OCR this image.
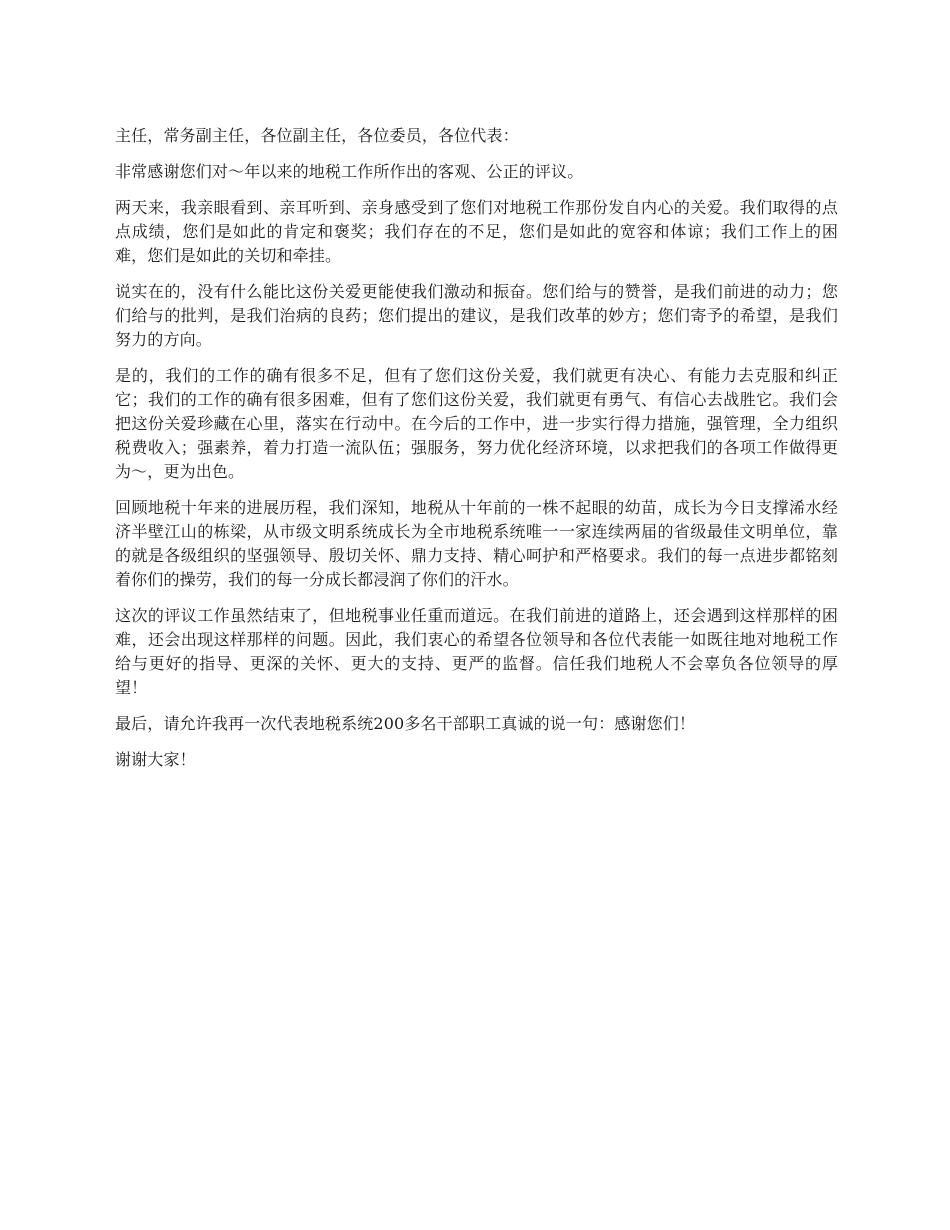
主任，常务副主任，各位副主任，各位委员，各位代表：

非常感谢您们对～年以来的地税工作所作出的客观、公正的评议。

两天来，我亲眼看到、亲耳听到、亲身感受到了您们对地税工作那份发自内心的关爱。我们取得的点点成绩，您们是如此的肯定和褒奖；我们存在的不足，您们是如此的宽容和体谅；我们工作上的困难，您们是如此的关切和牵挂。

说实在的，没有什么能比这份关爱更能使我们激动和振奋。您们给与的赞誉，是我们前进的动力；您们给与的批判，是我们治病的良药；您们提出的建议，是我们改革的妙方；您们寄予的希望，是我们努力的方向。

是的，我们的工作的确有很多不足，但有了您们这份关爱，我们就更有决心、有能力去克服和纠正它；我们的工作的确有很多困难，但有了您们这份关爱，我们就更有勇气、有信心去战胜它。我们会把这份关爱珍藏在心里，落实在行动中。在今后的工作中，进一步实行得力措施，强管理，全力组织税费收入；强素养，着力打造一流队伍；强服务，努力优化经济环境，以求把我们的各项工作做得更为～，更为出色。

回顾地税十年来的进展历程，我们深知，地税从十年前的一株不起眼的幼苗，成长为今日支撑浠水经济半壁江山的栋梁，从市级文明系统成长为全市地税系统唯一一家连续两届的省级最佳文明单位，靠的就是各级组织的坚强领导、殷切关怀、鼎力支持、精心呵护和严格要求。我们的每一点进步都铭刻着你们的操劳，我们的每一分成长都浸润了你们的汗水。

这次的评议工作虽然结束了，但地税事业任重而道远。在我们前进的道路上，还会遇到这样那样的困难，还会出现这样那样的问题。因此，我们衷心的希望各位领导和各位代表能一如既往地对地税工作给与更好的指导、更深的关怀、更大的支持、更严的监督。信任我们地税人不会辜负各位领导的厚望！

最后，请允许我再一次代表地税系统200多名干部职工真诚的说一句：感谢您们！

谢谢大家！
